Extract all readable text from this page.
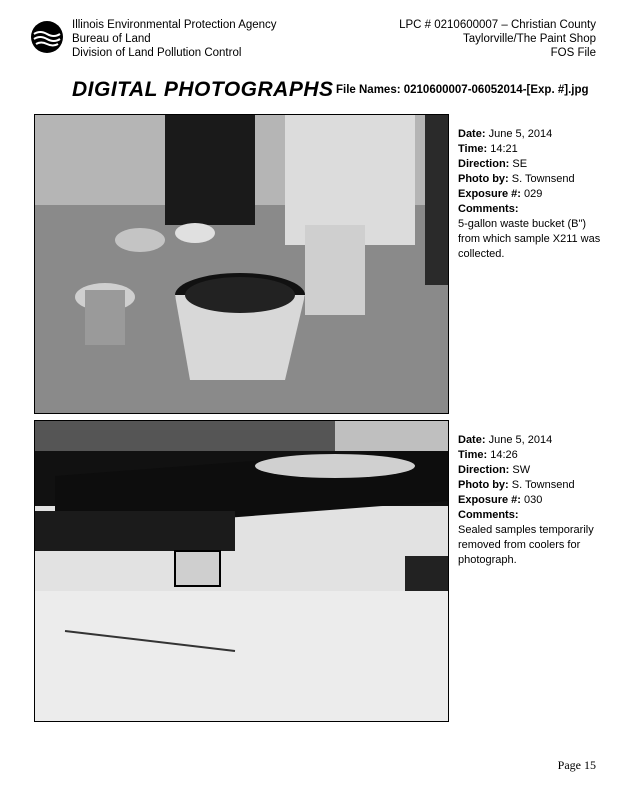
Illinois Environmental Protection Agency
Bureau of Land
Division of Land Pollution Control
LPC # 0210600007 – Christian County
Taylorville/The Paint Shop
FOS File
DIGITAL PHOTOGRAPHS File Names: 0210600007-06052014-[Exp. #].jpg
Date: June 5, 2014
Time: 14:21
Direction: SE
Photo by: S. Townsend
Exposure #: 029
Comments:
5-gallon waste bucket (B") from which sample X211 was collected.
Date: June 5, 2014
Time: 14:26
Direction: SW
Photo by: S. Townsend
Exposure #: 030
Comments:
Sealed samples temporarily removed from coolers for photograph.
Page 15
